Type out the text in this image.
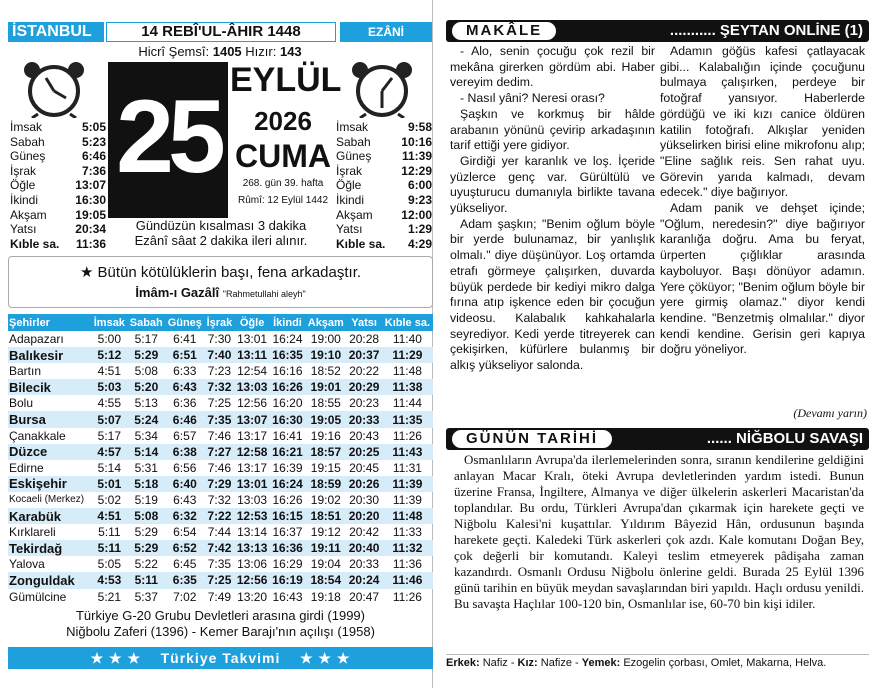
İSTANBUL	14 REBÎ'UL-ÂHIR 1448	EZÂNİ (MAHALLİ)
Hicrî Şemsî: 1405 Hızır: 143
25 EYLÜL
2026
CUMA
268. gün 39. hafta
Rûmî: 12 Eylül 1442
İmsak	5:05
Sabah	5:23
Güneş	6:46
İşrak	7:36
Öğle	13:07
İkindi	16:30
Akşam 19:05
Yatsı	20:34
Kıble sa. 11:36
İmsak	9:58
Sabah	10:16
Güneş	11:39
İşrak	12:29
Öğle	6:00
İkindi	9:23
Akşam 12:00
Yatsı	1:29
Kıble sa. 4:29
Gündüzün kısalması 3 dakika
Ezânî sâat 2 dakika ileri alınır.
★ Bütün kötülüklerin başı, fena arkadaştır.
İmâm-ı Gazâlî "Rahmetullahi aleyh"
Şehirler	İmsak	Sabah	Güneş	İşrak	Öğle	İkindi	Akşam	Yatsı	Kıble sa.
Adapazarı	5:00	5:17	6:41	7:30	13:01	16:24	19:00	20:28	11:40
Balıkesir	5:12	5:29	6:51	7:40	13:11	16:35	19:10	20:37	11:29
Bartın	4:51	5:08	6:33	7:23	12:54	16:16	18:52	20:22	11:48
Bilecik	5:03	5:20	6:43	7:32	13:03	16:26	19:01	20:29	11:38
Bolu	4:55	5:13	6:36	7:25	12:56	16:20	18:55	20:23	11:44
Bursa	5:07	5:24	6:46	7:35	13:07	16:30	19:05	20:33	11:35
Çanakkale	5:17	5:34	6:57	7:46	13:17	16:41	19:16	20:43	11:26
Düzce	4:57	5:14	6:38	7:27	12:58	16:21	18:57	20:25	11:43
Edirne	5:14	5:31	6:56	7:46	13:17	16:39	19:15	20:45	11:31
Eskişehir	5:01	5:18	6:40	7:29	13:01	16:24	18:59	20:26	11:39
Kocaeli (Merkez)	5:02	5:19	6:43	7:32	13:03	16:26	19:02	20:30	11:39
Karabük	4:51	5:08	6:32	7:22	12:53	16:15	18:51	20:20	11:48
Kırklareli	5:11	5:29	6:54	7:44	13:14	16:37	19:12	20:42	11:33
Tekirdağ	5:11	5:29	6:52	7:42	13:13	16:36	19:11	20:40	11:32
Yalova	5:05	5:22	6:45	7:35	13:06	16:29	19:04	20:33	11:36
Zonguldak	4:53	5:11	6:35	7:25	12:56	16:19	18:54	20:24	11:46
Gümülcine	5:21	5:37	7:02	7:49	13:20	16:43	19:18	20:47	11:26
Türkiye G-20 Grubu Devletleri arasına girdi (1999)
Niğbolu Zaferi (1396) - Kemer Barajı'nın açılışı (1958)
★ ★ ★ Türkiye Takvimi ★ ★ ★
MAKÂLE	........... ŞEYTAN ONLİNE (1)

- Alo, senin çocuğu çok rezil bir mekâna girerken gördüm abi. Haber vereyim dedim.

- Nasıl yâni? Neresi orası?

Şaşkın ve korkmuş bir hâlde arabanın yönünü çevirip arkadaşının tarif ettiği yere gidiyor.

Girdiği yer karanlık ve loş. İçeride yüzlerce genç var. Gürültülü ve uyuşturucu dumanıyla birlikte tavana yükseliyor.

Adam şaşkın; "Benim oğlum böyle bir yerde bulunamaz, bir yanlışlık olmalı." diye düşünüyor. Loş ortamda etrafı görmeye çalışırken, duvarda büyük perdede bir kediyi mikro dalga fırına atıp işkence eden bir çocuğun videosu. Kalabalık kahkahalarla seyrediyor. Kedi yerde titreyerek can çekişirken, küfürlere bulanmış bir alkış yükseliyor salonda.

Adamın göğüs kafesi çatlayacak gibi... Kalabalığın içinde çocuğunu bulmaya çalışırken, perdeye bir fotoğraf yansıyor. Haberlerde gördüğü ve iki kızı canice öldüren katilin fotoğrafı. Alkışlar yeniden yükselirken birisi eline mikrofonu alıp; "Eline sağlık reis. Sen rahat uyu. Görevin yarıda kalmadı, devam edecek." diye bağırıyor.

Adam panik ve dehşet içinde; "Oğlum, neredesin?" diye bağırıyor karanlığa doğru. Ama bu feryat, ürperten çığlıklar arasında kayboluyor. Başı dönüyor adamın. Yere çöküyor; "Benim oğlum böyle bir yere girmiş olamaz." diyor kendi kendine. "Benzetmiş olmalılar." diyor kendi kendine. Gerisin geri kapıya doğru yöneliyor.

(Devamı yarın)
GÜNÜN TARİHİ	...... NİĞBOLU SAVAŞI
Osmanlıların Avrupa'da ilerlemelerinden sonra, sıranın kendilerine geldiğini anlayan Macar Kralı, öteki Avrupa devletlerinden yardım istedi. Bunun üzerine Fransa, İngiltere, Almanya ve diğer ülkelerin askerleri Macaristan'da toplandılar. Bu ordu, Türkleri Avrupa'dan çıkarmak için harekete geçti ve Niğbolu Kalesi'ni kuşattılar. Yıldırım Bâyezid Hân, ordusunun başında harekete geçti. Kaledeki Türk askerleri çok azdı. Kale komutanı Doğan Bey, çok değerli bir komutandı. Kaleyi teslim etmeyerek pâdişaha zaman kazandırdı. Osmanlı Ordusu Niğbolu önlerine geldi. Burada 25 Eylül 1396 günü tarihin en büyük meydan savaşlarından biri yapıldı. Haçlı ordusu yenildi. Bu savaşta Haçlılar 100-120 bin, Osmanlılar ise, 60-70 bin kişi idiler.
Erkek: Nafiz - Kız: Nafize - Yemek: Ezogelin çorbası, Omlet, Makarna, Helva.
